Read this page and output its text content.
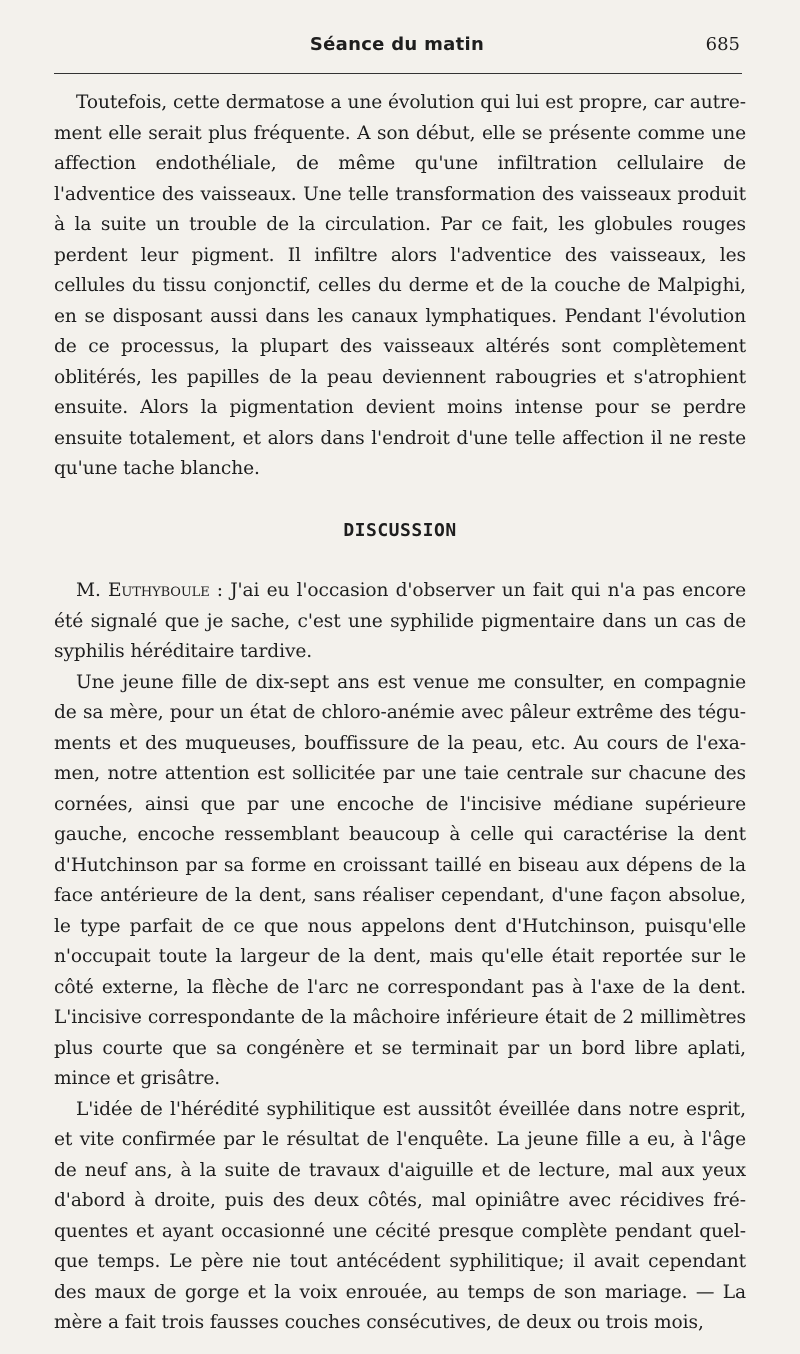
Séance du matin	685

Toutefois, cette dermatose a une évolution qui lui est propre, car autrement elle serait plus fréquente. A son début, elle se présente comme une affection endothéliale, de même qu'une infiltration cellulaire de l'adventice des vaisseaux. Une telle transformation des vaisseaux produit à la suite un trouble de la circulation. Par ce fait, les globules rouges perdent leur pigment. Il infiltre alors l'adventice des vaisseaux, les cellules du tissu conjonctif, celles du derme et de la couche de Malpighi, en se disposant aussi dans les canaux lymphatiques. Pendant l'évolution de ce processus, la plupart des vaisseaux altérés sont complètement oblitérés, les papilles de la peau deviennent rabougries et s'atrophient ensuite. Alors la pigmentation devient moins intense pour se perdre ensuite totalement, et alors dans l'endroit d'une telle affection il ne reste qu'une tache blanche.

DISCUSSION

M. Euthyboule : J'ai eu l'occasion d'observer un fait qui n'a pas encore été signalé que je sache, c'est une syphilide pigmentaire dans un cas de syphilis héréditaire tardive.

Une jeune fille de dix-sept ans est venue me consulter, en compagnie de sa mère, pour un état de chloro-anémie avec pâleur extrême des téguments et des muqueuses, bouffissure de la peau, etc. Au cours de l'examen, notre attention est sollicitée par une taie centrale sur chacune des cornées, ainsi que par une encoche de l'incisive médiane supérieure gauche, encoche ressemblant beaucoup à celle qui caractérise la dent d'Hutchinson par sa forme en croissant taillé en biseau aux dépens de la face antérieure de la dent, sans réaliser cependant, d'une façon absolue, le type parfait de ce que nous appelons dent d'Hutchinson, puisqu'elle n'occupait toute la largeur de la dent, mais qu'elle était reportée sur le côté externe, la flèche de l'arc ne correspondant pas à l'axe de la dent. L'incisive correspondante de la mâchoire inférieure était de 2 millimètres plus courte que sa congénère et se terminait par un bord libre aplati, mince et grisâtre.

L'idée de l'hérédité syphilitique est aussitôt éveillée dans notre esprit, et vite confirmée par le résultat de l'enquête. La jeune fille a eu, à l'âge de neuf ans, à la suite de travaux d'aiguille et de lecture, mal aux yeux d'abord à droite, puis des deux côtés, mal opiniâtre avec récidives fréquentes et ayant occasionné une cécité presque complète pendant quelque temps. Le père nie tout antécédent syphilitique; il avait cependant des maux de gorge et la voix enrouée, au temps de son mariage. — La mère a fait trois fausses couches consécutives, de deux ou trois mois,
